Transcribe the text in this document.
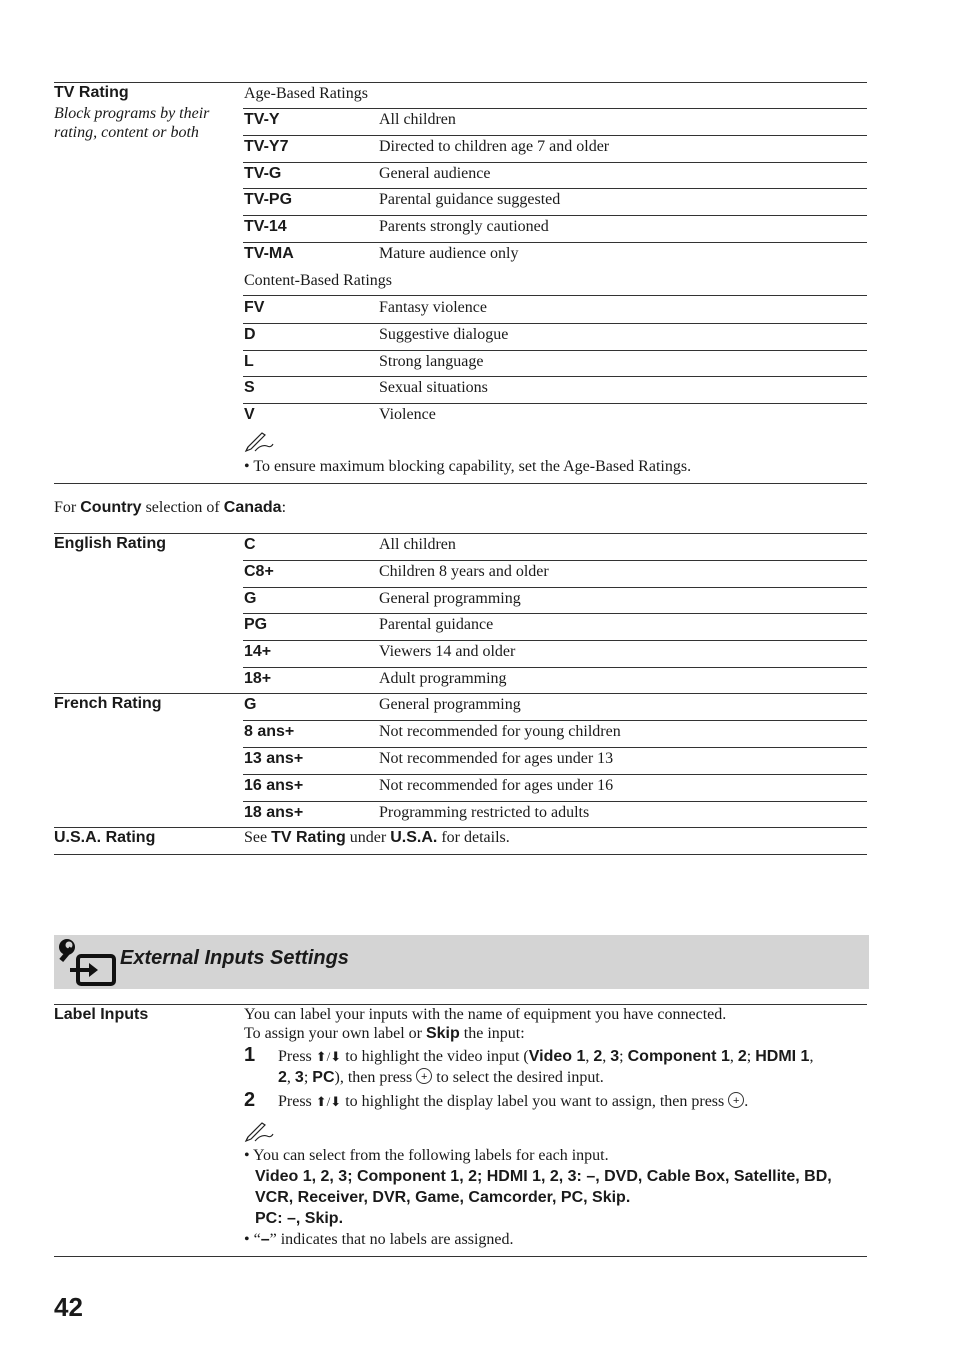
TV Rating
Block programs by their rating, content or both
Age-Based Ratings
TV-Y	All children
TV-Y7	Directed to children age 7 and older
TV-G	General audience
TV-PG	Parental guidance suggested
TV-14	Parents strongly cautioned
TV-MA	Mature audience only
Content-Based Ratings
FV	Fantasy violence
D	Suggestive dialogue
L	Strong language
S	Sexual situations
V	Violence
• To ensure maximum blocking capability, set the Age-Based Ratings.
For Country selection of Canada:
English Rating	C	All children
C8+	Children 8 years and older
G	General programming
PG	Parental guidance
14+	Viewers 14 and older
18+	Adult programming
French Rating	G	General programming
8 ans+	Not recommended for young children
13 ans+	Not recommended for ages under 13
16 ans+	Not recommended for ages under 16
18 ans+	Programming restricted to adults
U.S.A. Rating	See TV Rating under U.S.A. for details.
External Inputs Settings
Label Inputs	You can label your inputs with the name of equipment you have connected.
To assign your own label or Skip the input:
1 Press ⬆/⬇ to highlight the video input (Video 1, 2, 3; Component 1, 2; HDMI 1,
2, 3; PC), then press + to select the desired input.
2 Press ⬆/⬇ to highlight the display label you want to assign, then press +.
• You can select from the following labels for each input.
Video 1, 2, 3; Component 1, 2; HDMI 1, 2, 3: –, DVD, Cable Box, Satellite, BD,
VCR, Receiver, DVR, Game, Camcorder, PC, Skip.
PC: –, Skip.
• “–” indicates that no labels are assigned.
42
